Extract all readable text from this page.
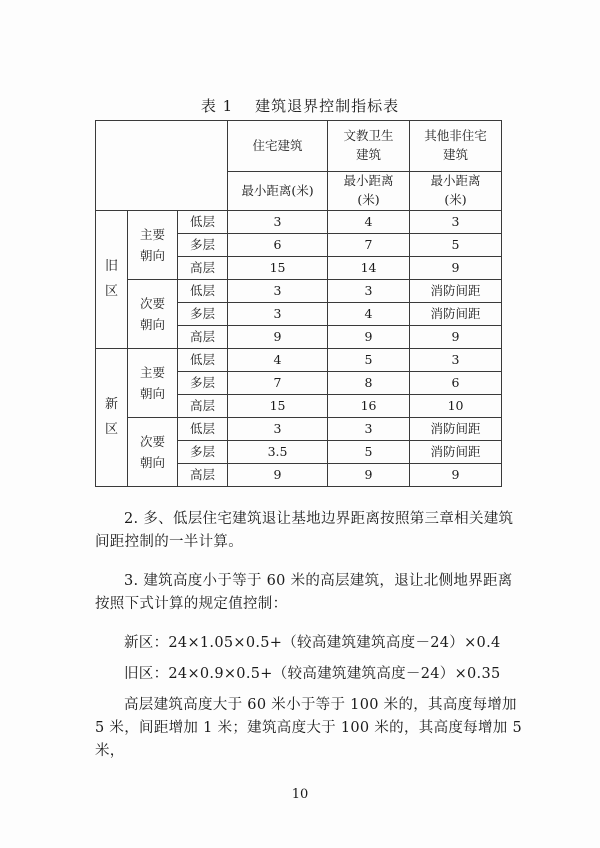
表 1 建筑退界控制指标表
			住宅建筑	文教卫生建筑	其他非住宅建筑
			最小距离(米)	最小距离(米)	最小距离(米)
旧区	主要朝向	低层	3	4	3
		多层	6	7	5
		高层	15	14	9
	次要朝向	低层	3	3	消防间距
		多层	3	4	消防间距
		高层	9	9	9
新区	主要朝向	低层	4	5	3
		多层	7	8	6
		高层	15	16	10
	次要朝向	低层	3	3	消防间距
		多层	3.5	5	消防间距
		高层	9	9	9

2. 多、低层住宅建筑退让基地边界距离按照第三章相关建筑间距控制的一半计算。

3. 建筑高度小于等于 60 米的高层建筑，退让北侧地界距离按照下式计算的规定值控制：

新区：24×1.05×0.5+（较高建筑建筑高度－24）×0.4

旧区：24×0.9×0.5+（较高建筑建筑高度－24）×0.35

高层建筑高度大于 60 米小于等于 100 米的，其高度每增加 5 米，间距增加 1 米；建筑高度大于 100 米的，其高度每增加 5 米，

10
